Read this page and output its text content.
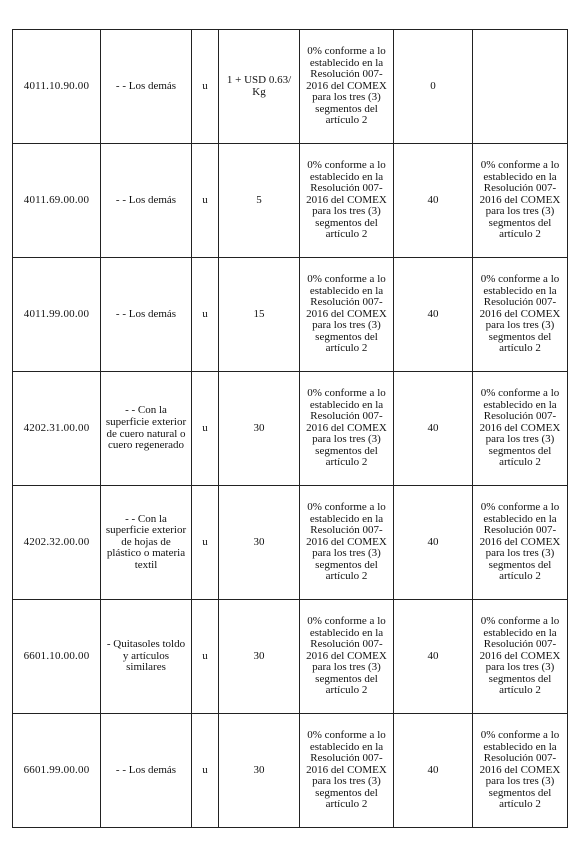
4011.10.90.00	- - Los demás	u	1 + USD 0.63/ Kg	0% conforme a lo establecido en la Resolución 007-2016 del COMEX para los tres (3) segmentos del artículo 2	0	
4011.69.00.00	- - Los demás	u	5	0% conforme a lo establecido en la Resolución 007-2016 del COMEX para los tres (3) segmentos del artículo 2	40	0% conforme a lo establecido en la Resolución 007-2016 del COMEX para los tres (3) segmentos del artículo 2
4011.99.00.00	- - Los demás	u	15	0% conforme a lo establecido en la Resolución 007-2016 del COMEX para los tres (3) segmentos del artículo 2	40	0% conforme a lo establecido en la Resolución 007-2016 del COMEX para los tres (3) segmentos del artículo 2
4202.31.00.00	- - Con la superficie exterior de cuero natural o cuero regenerado	u	30	0% conforme a lo establecido en la Resolución 007-2016 del COMEX para los tres (3) segmentos del artículo 2	40	0% conforme a lo establecido en la Resolución 007-2016 del COMEX para los tres (3) segmentos del artículo 2
4202.32.00.00	- - Con la superficie exterior de hojas de plástico o materia textil	u	30	0% conforme a lo establecido en la Resolución 007-2016 del COMEX para los tres (3) segmentos del artículo 2	40	0% conforme a lo establecido en la Resolución 007-2016 del COMEX para los tres (3) segmentos del artículo 2
6601.10.00.00	- Quitasoles toldo y artículos similares	u	30	0% conforme a lo establecido en la Resolución 007-2016 del COMEX para los tres (3) segmentos del artículo 2	40	0% conforme a lo establecido en la Resolución 007-2016 del COMEX para los tres (3) segmentos del artículo 2
6601.99.00.00	- - Los demás	u	30	0% conforme a lo establecido en la Resolución 007-2016 del COMEX para los tres (3) segmentos del artículo 2	40	0% conforme a lo establecido en la Resolución 007-2016 del COMEX para los tres (3) segmentos del artículo 2
